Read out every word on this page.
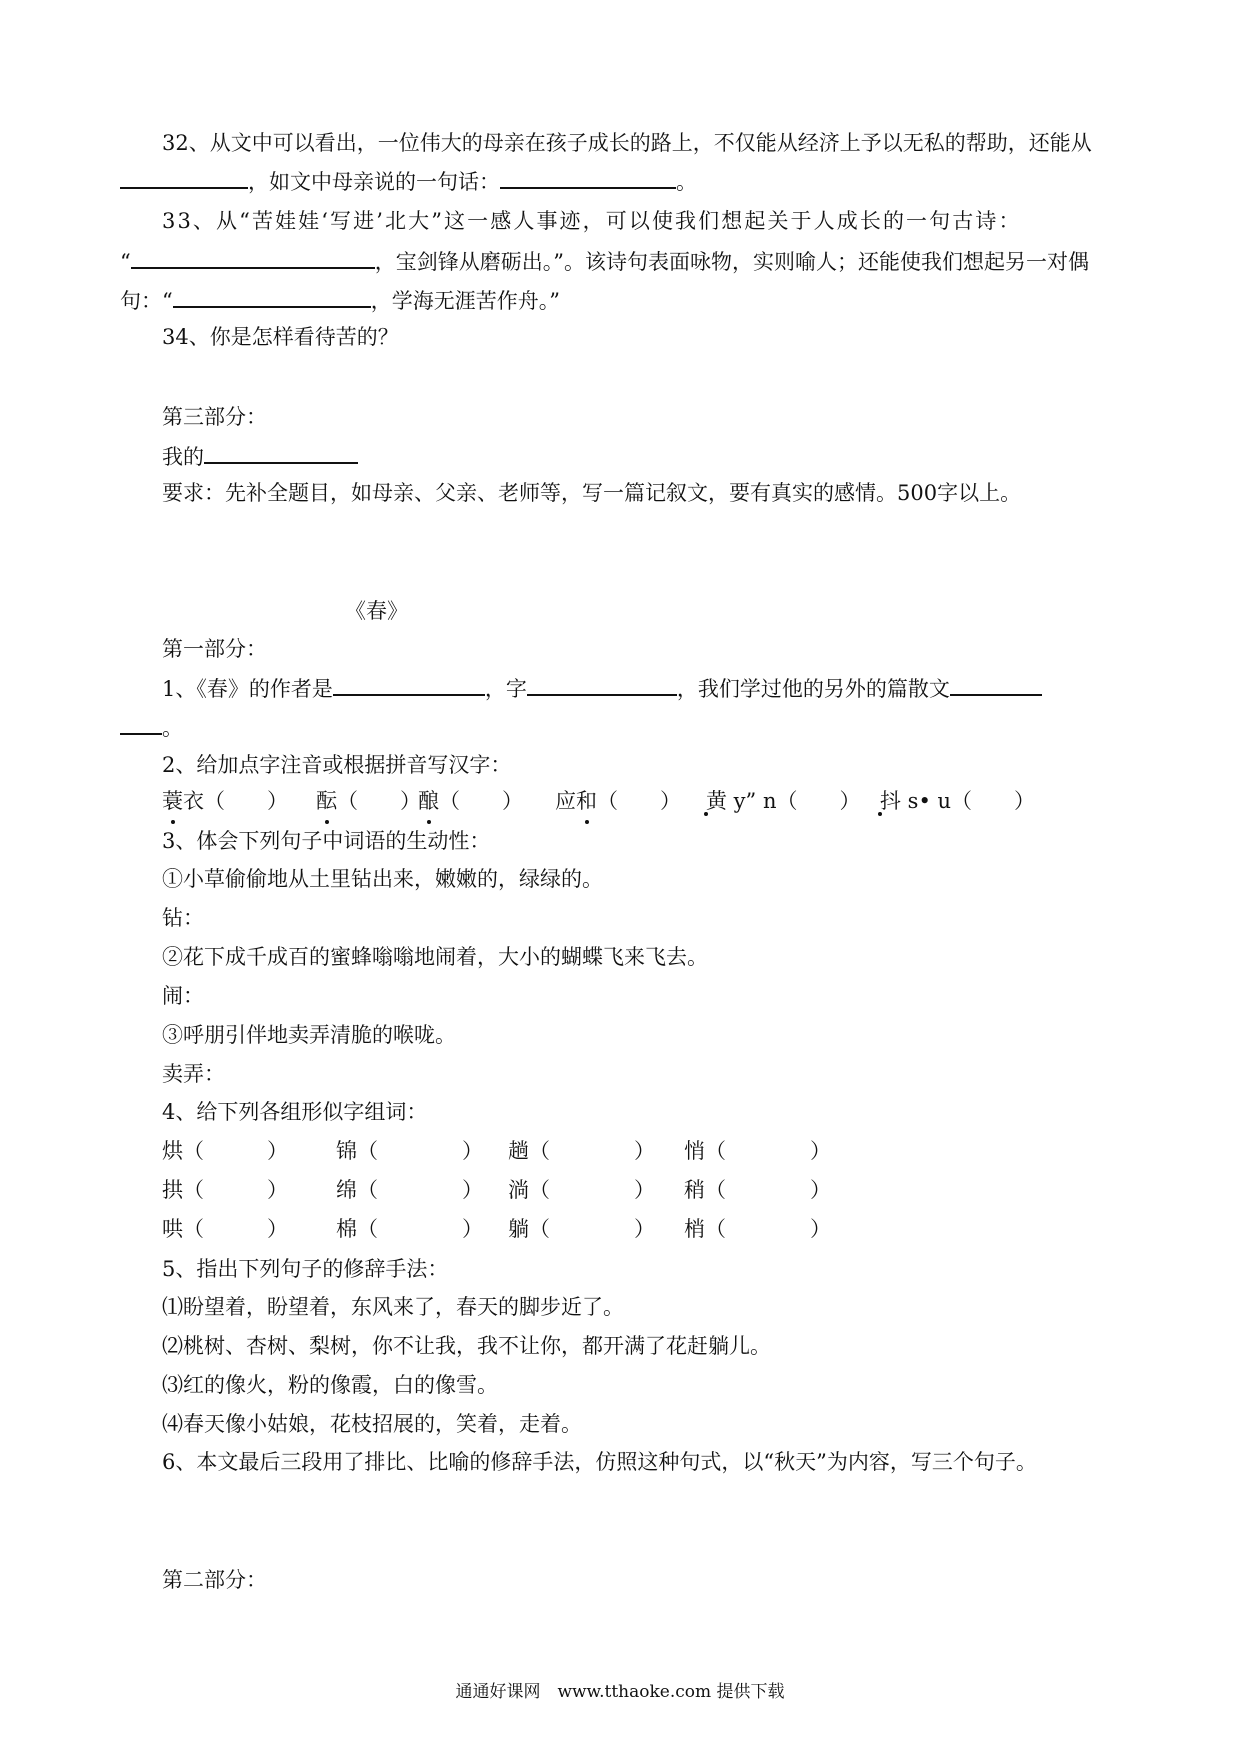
32、从文中可以看出，一位伟大的母亲在孩子成长的路上，不仅能从经济上予以无私的帮助，还能从
，如文中母亲说的一句话：	。
33、从“苦娃娃‘写进’北大”这一感人事迹，可以使我们想起关于人成长的一句古诗：
“	，宝剑锋从磨砺出。”。该诗句表面咏物，实则喻人；还能使我们想起另一对偶
句：“	，学海无涯苦作舟。”
34、你是怎样看待苦的？
第三部分：
我的
要求：先补全题目，如母亲、父亲、老师等，写一篇记叙文，要有真实的感情。500字以上。
《春》
第一部分：
1、《春》的作者是	，字	，我们学过他的另外的篇散文
。
2、给加点字注音或根据拼音写汉字：
蓑衣（　　） 酝（　　）
酿（　　） 应和（　　） 黄 y” n（　　） 抖 s• u（　　）
3、体会下列句子中词语的生动性：
①小草偷偷地从土里钻出来，嫩嫩的，绿绿的。
钻：
②花下成千成百的蜜蜂嗡嗡地闹着，大小的蝴蝶飞来飞去。
闹：
③呼朋引伴地卖弄清脆的喉咙。
卖弄：
4、给下列各组形似字组词：
烘（　　　） 锦（　　　　） 趟（　　　　） 悄（　　　　）
拱（　　　） 绵（　　　　） 淌（　　　　） 稍（　　　　）
哄（　　　） 棉（　　　　） 躺（　　　　） 梢（　　　　）
5、指出下列句子的修辞手法：
⑴盼望着，盼望着，东风来了，春天的脚步近了。
⑵桃树、杏树、梨树，你不让我，我不让你，都开满了花赶躺儿。
⑶红的像火，粉的像霞，白的像雪。
⑷春天像小姑娘，花枝招展的，笑着，走着。
6、本文最后三段用了排比、比喻的修辞手法，仿照这种句式，以“秋天”为内容，写三个句子。
第二部分：
通通好课网　www.tthaoke.com 提供下载
